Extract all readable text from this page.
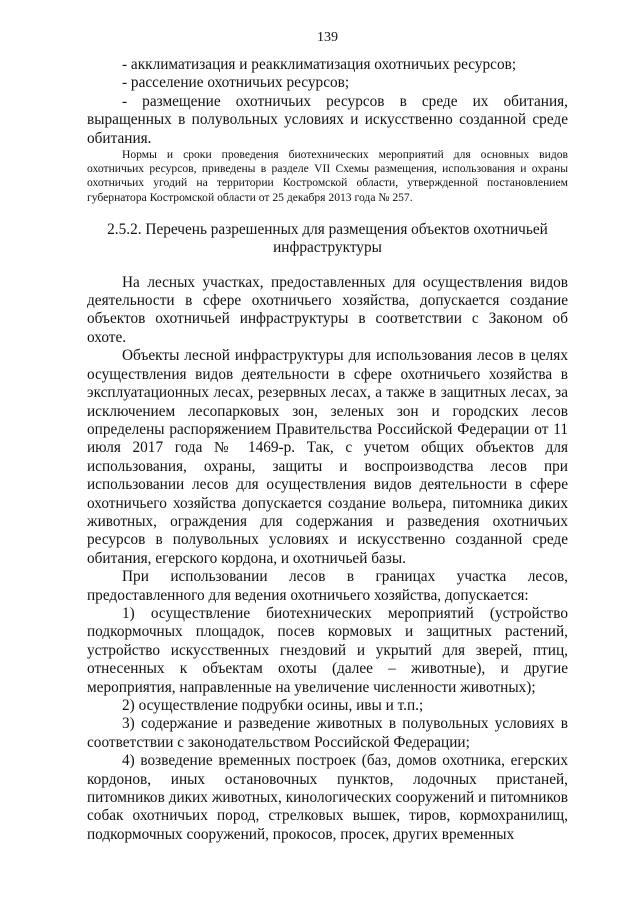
139

- акклиматизация и реакклиматизация охотничьих ресурсов;

- расселение охотничьих ресурсов;

- размещение охотничьих ресурсов в среде их обитания, выращенных в полувольных условиях и искусственно созданной среде обитания.

Нормы и сроки проведения биотехнических мероприятий для основных видов охотничьих ресурсов, приведены в разделе VII Схемы размещения, использования и охраны охотничьих угодий на территории Костромской области, утвержденной постановлением губернатора Костромской области от 25 декабря 2013 года № 257.

2.5.2. Перечень разрешенных для размещения объектов охотничьей инфраструктуры

На лесных участках, предоставленных для осуществления видов деятельности в сфере охотничьего хозяйства, допускается создание объектов охотничьей инфраструктуры в соответствии с Законом об охоте.

Объекты лесной инфраструктуры для использования лесов в целях осуществления видов деятельности в сфере охотничьего хозяйства в эксплуатационных лесах, резервных лесах, а также в защитных лесах, за исключением лесопарковых зон, зеленых зон и городских лесов определены распоряжением Правительства Российской Федерации от 11 июля 2017 года № 1469-р. Так, с учетом общих объектов для использования, охраны, защиты и воспроизводства лесов при использовании лесов для осуществления видов деятельности в сфере охотничьего хозяйства допускается создание вольера, питомника диких животных, ограждения для содержания и разведения охотничьих ресурсов в полувольных условиях и искусственно созданной среде обитания, егерского кордона, и охотничьей базы.

При использовании лесов в границах участка лесов, предоставленного для ведения охотничьего хозяйства, допускается:

1) осуществление биотехнических мероприятий (устройство подкормочных площадок, посев кормовых и защитных растений, устройство искусственных гнездовий и укрытий для зверей, птиц, отнесенных к объектам охоты (далее – животные), и другие мероприятия, направленные на увеличение численности животных);

2) осуществление подрубки осины, ивы и т.п.;

3) содержание и разведение животных в полувольных условиях в соответствии с законодательством Российской Федерации;

4) возведение временных построек (баз, домов охотника, егерских кордонов, иных остановочных пунктов, лодочных пристаней, питомников диких животных, кинологических сооружений и питомников собак охотничьих пород, стрелковых вышек, тиров, кормохранилищ, подкормочных сооружений, прокосов, просек, других временных
